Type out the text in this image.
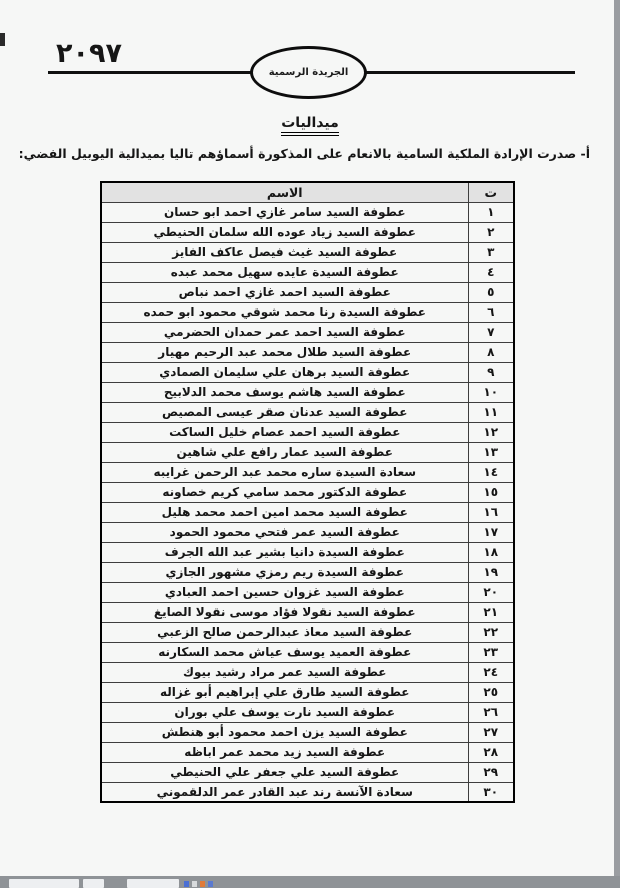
٢٠٩٧
الجريدة الرسمية
ميداليات
أ- صدرت الإرادة الملكية السامية بالانعام على المذكورة أسماؤهم تاليا بميدالية اليوبيل الفضي:
ت	الاسم
١	عطوفة السيد سامر غازي احمد ابو حسان
٢	عطوفة السيد زياد عوده الله سلمان الحنيطي
٣	عطوفة السيد غيث فيصل عاكف الفايز
٤	عطوفة السيدة عايده سهيل محمد عبده
٥	عطوفة السيد احمد غازي احمد نباص
٦	عطوفة السيدة رنا محمد شوقي محمود ابو حمده
٧	عطوفة السيد احمد عمر حمدان الحضرمي
٨	عطوفة السيد طلال محمد عبد الرحيم مهيار
٩	عطوفة السيد برهان علي سليمان الصمادي
١٠	عطوفة السيد هاشم يوسف محمد الدلابيح
١١	عطوفة السيد عدنان صقر عيسى المصيص
١٢	عطوفة السيد احمد عصام خليل الساكت
١٣	عطوفة السيد عمار رافع علي شاهين
١٤	سعادة السيدة ساره محمد عبد الرحمن غرايبه
١٥	عطوفة الدكتور محمد سامي كريم خصاونه
١٦	عطوفة السيد محمد امين احمد محمد هليل
١٧	عطوفة السيد عمر فتحي محمود الحمود
١٨	عطوفة السيدة دانيا بشير عبد الله الجرف
١٩	عطوفة السيدة ريم رمزي مشهور الجازي
٢٠	عطوفة السيد غزوان حسين احمد العبادي
٢١	عطوفة السيد نقولا فؤاد موسى نقولا الصايغ
٢٢	عطوفة السيد معاذ عبدالرحمن صالح الزعبي
٢٣	عطوفة العميد يوسف عياش محمد السكارنه
٢٤	عطوفة السيد عمر مراد رشيد بيوك
٢٥	عطوفة السيد طارق علي إبراهيم أبو غزاله
٢٦	عطوفة السيد نارت يوسف علي بوران
٢٧	عطوفة السيد يزن احمد محمود أبو هنطش
٢٨	عطوفة السيد زيد محمد عمر اباظه
٢٩	عطوفة السيد علي جعفر علي الحنيطي
٣٠	سعادة الآنسة رند عبد القادر عمر الدلقموني
